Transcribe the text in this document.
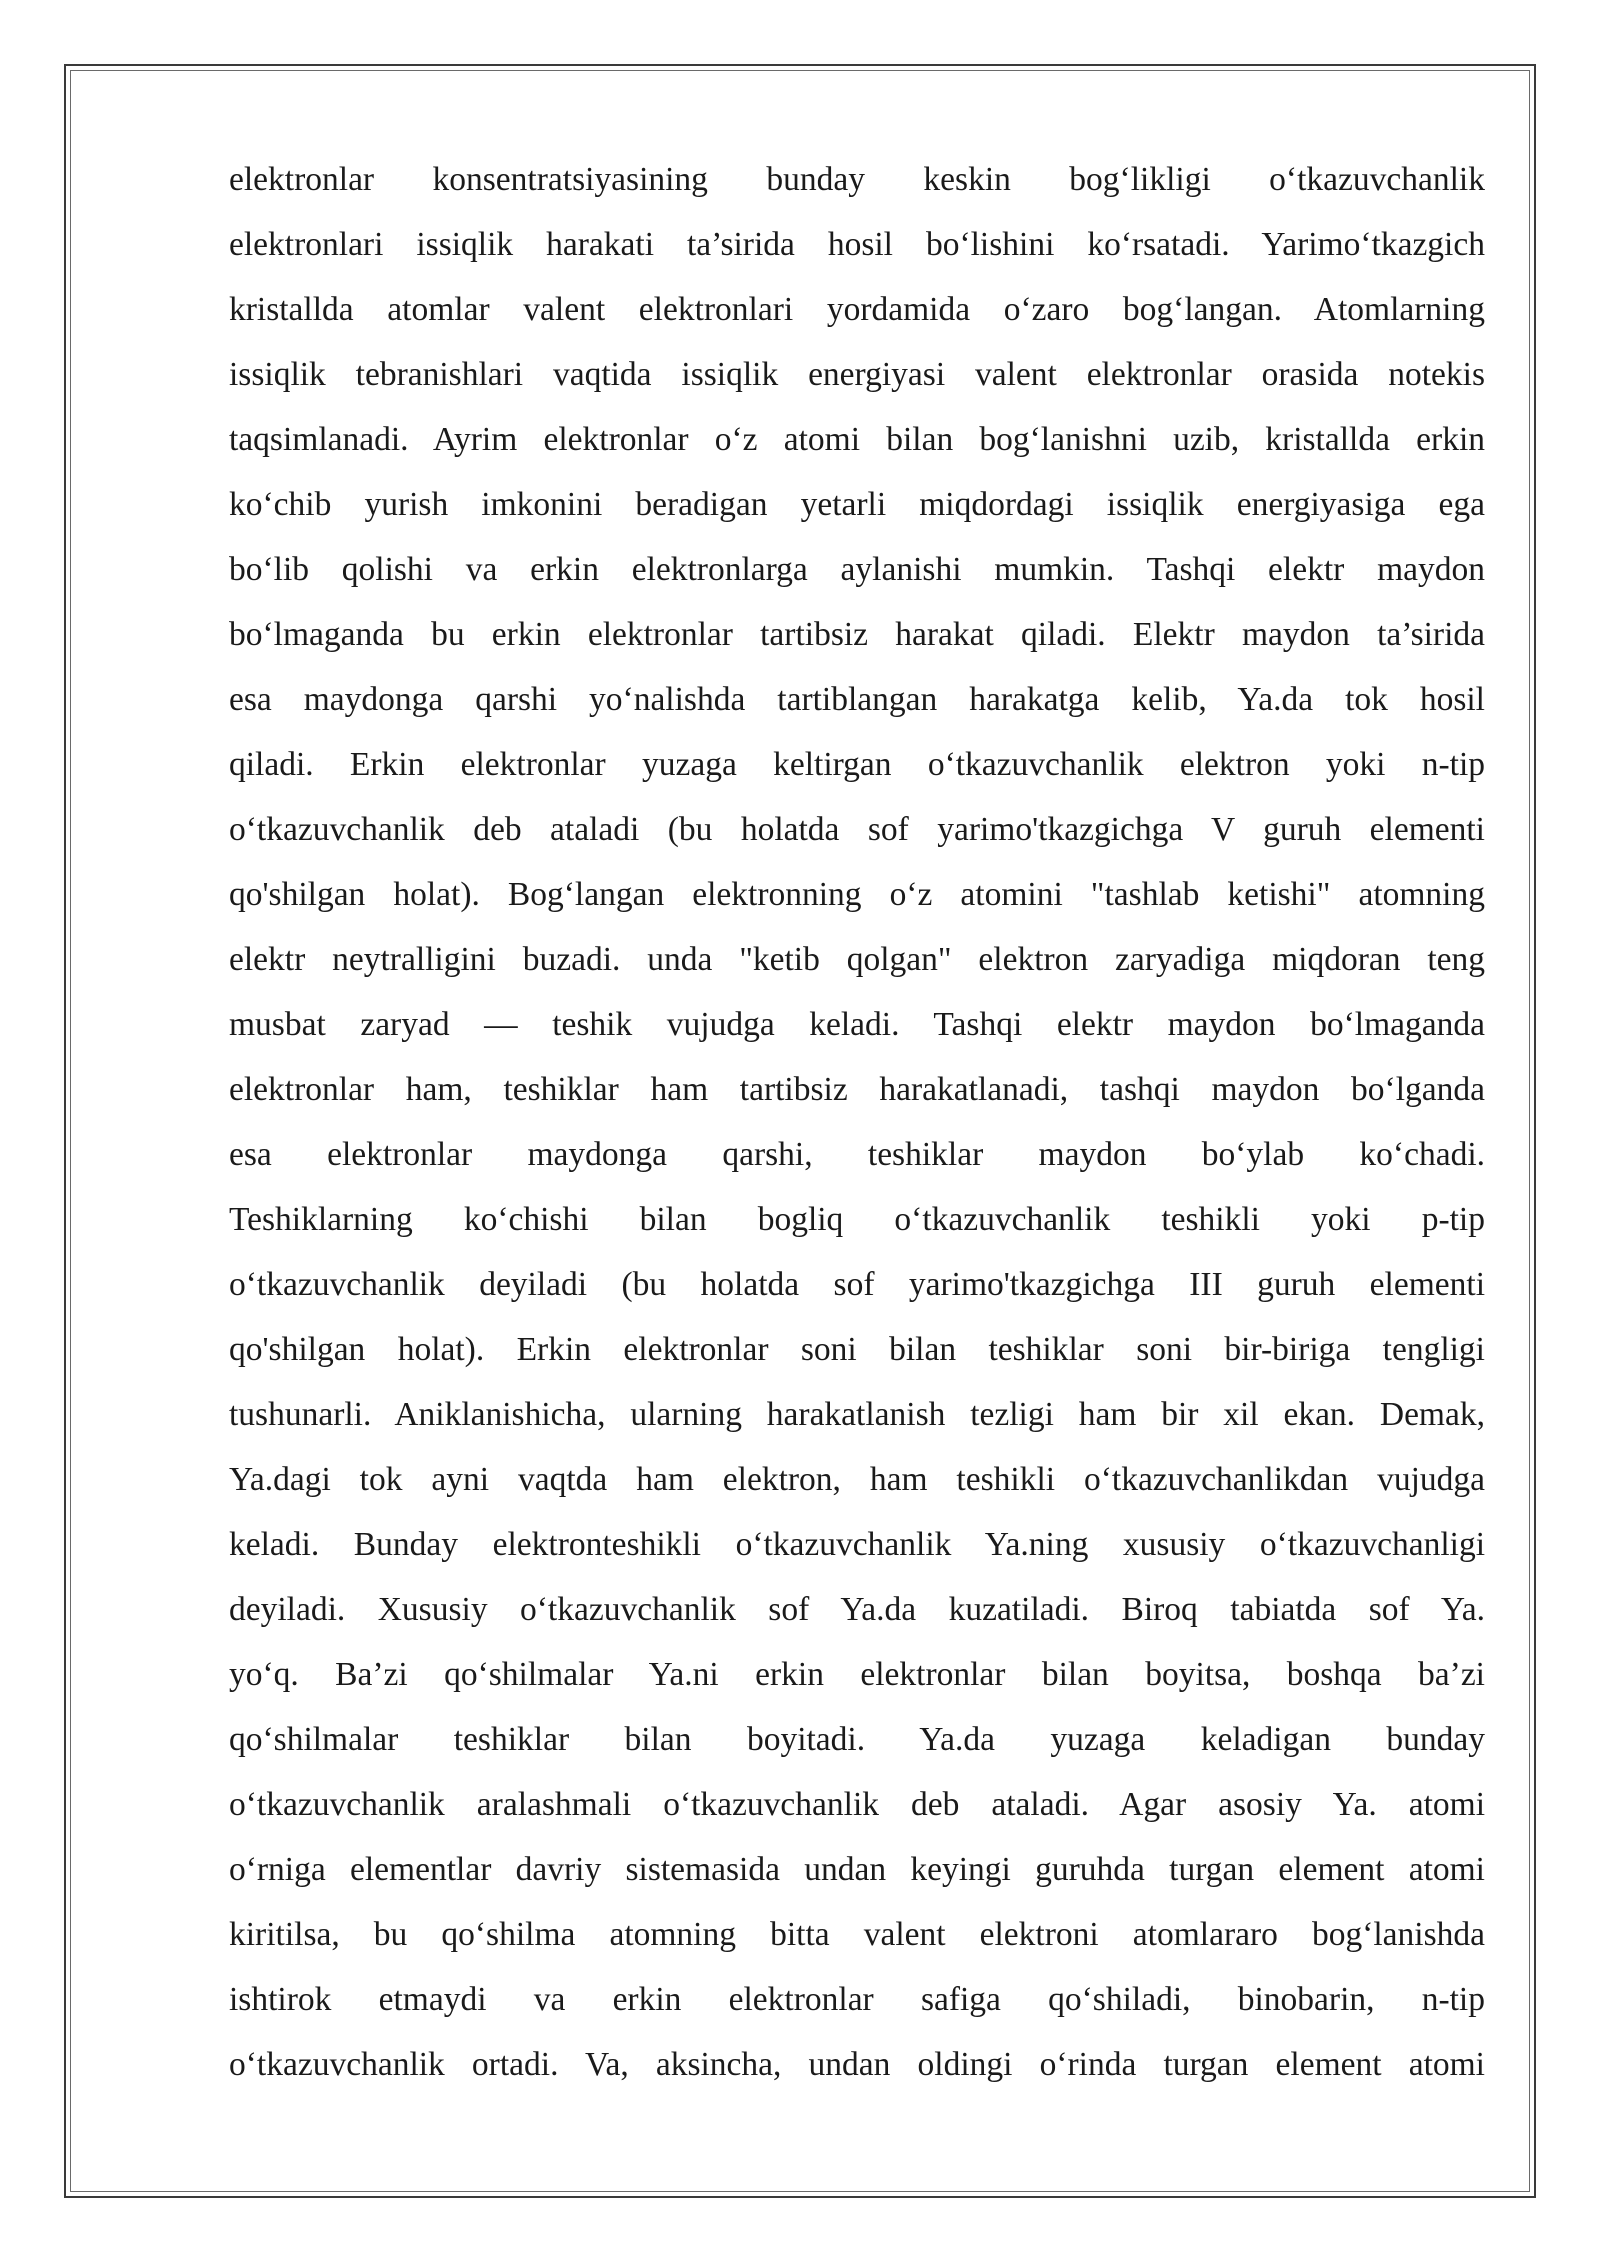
elektronlar konsentratsiyasining bunday keskin bog‘likligi o‘tkazuvchanlik
elektronlari issiqlik harakati ta’sirida hosil bo‘lishini ko‘rsatadi. Yarimo‘tkazgich
kristallda atomlar valent elektronlari yordamida o‘zaro bog‘langan. Atomlarning
issiqlik tebranishlari vaqtida issiqlik energiyasi valent elektronlar orasida notekis
taqsimlanadi. Ayrim elektronlar o‘z atomi bilan bog‘lanishni uzib, kristallda erkin
ko‘chib yurish imkonini beradigan yetarli miqdordagi issiqlik energiyasiga ega
bo‘lib qolishi va erkin elektronlarga aylanishi mumkin. Tashqi elektr maydon
bo‘lmaganda bu erkin elektronlar tartibsiz harakat qiladi. Elektr maydon ta’sirida
esa maydonga qarshi yo‘nalishda tartiblangan harakatga kelib, Ya.da tok hosil
qiladi. Erkin elektronlar yuzaga keltirgan o‘tkazuvchanlik elektron yoki n-tip
o‘tkazuvchanlik deb ataladi (bu holatda sof yarimo'tkazgichga V guruh elementi
qo'shilgan holat). Bog‘langan elektronning o‘z atomini "tashlab ketishi" atomning
elektr neytralligini buzadi. unda "ketib qolgan" elektron zaryadiga miqdoran teng
musbat zaryad — teshik vujudga keladi. Tashqi elektr maydon bo‘lmaganda
elektronlar ham, teshiklar ham tartibsiz harakatlanadi, tashqi maydon bo‘lganda
esa elektronlar maydonga qarshi, teshiklar maydon bo‘ylab ko‘chadi.
Teshiklarning ko‘chishi bilan bogliq o‘tkazuvchanlik teshikli yoki p-tip
o‘tkazuvchanlik deyiladi (bu holatda sof yarimo'tkazgichga III guruh elementi
qo'shilgan holat). Erkin elektronlar soni bilan teshiklar soni bir-biriga tengligi
tushunarli. Aniklanishicha, ularning harakatlanish tezligi ham bir xil ekan. Demak,
Ya.dagi tok ayni vaqtda ham elektron, ham teshikli o‘tkazuvchanlikdan vujudga
keladi. Bunday elektronteshikli o‘tkazuvchanlik Ya.ning xususiy o‘tkazuvchanligi
deyiladi. Xususiy o‘tkazuvchanlik sof Ya.da kuzatiladi. Biroq tabiatda sof Ya.
yo‘q. Ba’zi qo‘shilmalar Ya.ni erkin elektronlar bilan boyitsa, boshqa ba’zi
qo‘shilmalar teshiklar bilan boyitadi. Ya.da yuzaga keladigan bunday
o‘tkazuvchanlik aralashmali o‘tkazuvchanlik deb ataladi. Agar asosiy Ya. atomi
o‘rniga elementlar davriy sistemasida undan keyingi guruhda turgan element atomi
kiritilsa, bu qo‘shilma atomning bitta valent elektroni atomlararo bog‘lanishda
ishtirok etmaydi va erkin elektronlar safiga qo‘shiladi, binobarin, n-tip
o‘tkazuvchanlik ortadi. Va, aksincha, undan oldingi o‘rinda turgan element atomi
